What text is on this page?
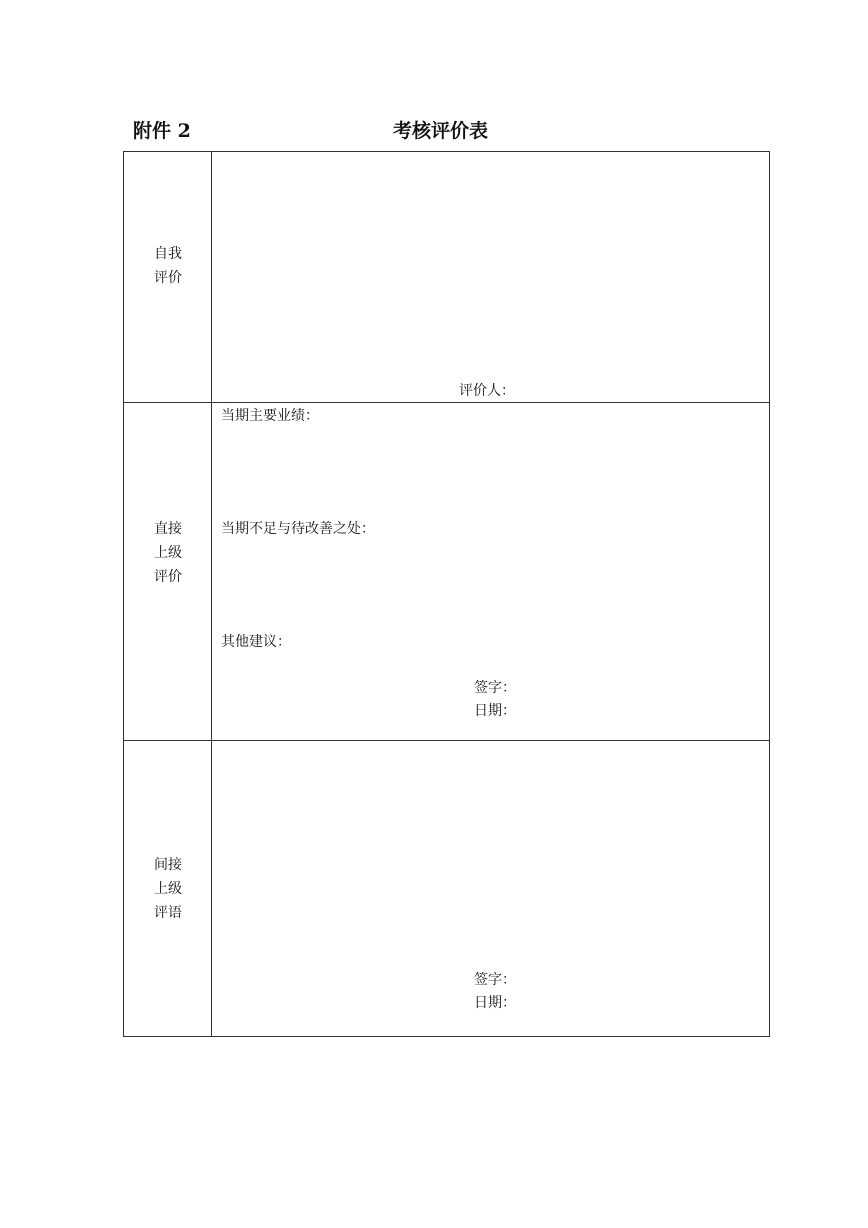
附件 2	考核评价表
自我
评价
评价人：
直接
上级
评价
当期主要业绩：
当期不足与待改善之处：
其他建议：
签字：
日期：
间接
上级
评语
签字：
日期：
